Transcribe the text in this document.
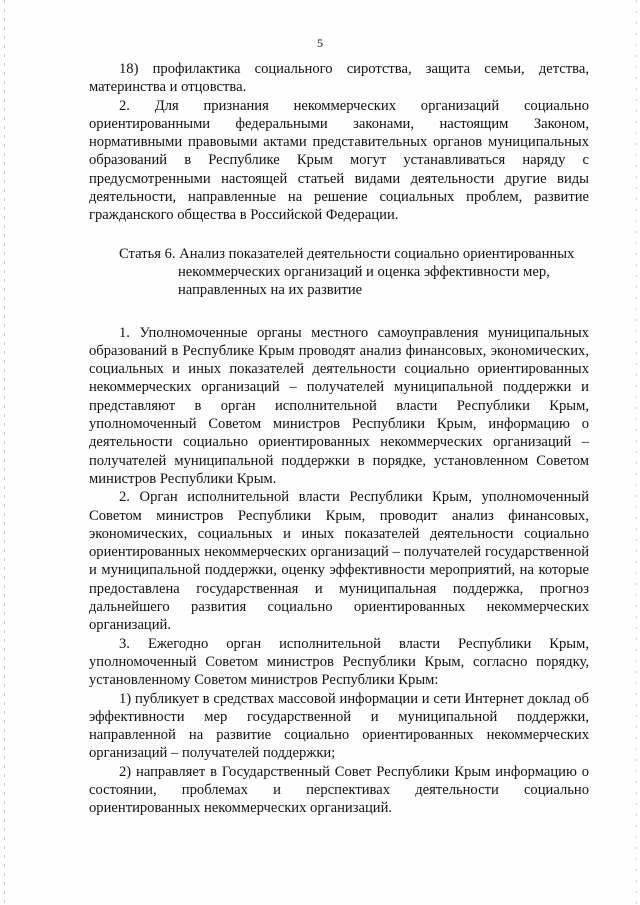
5

18) профилактика социального сиротства, защита семьи, детства, материнства и отцовства.

2. Для признания некоммерческих организаций социально ориентированными федеральными законами, настоящим Законом, нормативными правовыми актами представительных органов муниципальных образований в Республике Крым могут устанавливаться наряду с предусмотренными настоящей статьей видами деятельности другие виды деятельности, направленные на решение социальных проблем, развитие гражданского общества в Российской Федерации.

Статья 6. Анализ показателей деятельности социально ориентированных
некоммерческих организаций и оценка эффективности мер,
направленных на их развитие

1. Уполномоченные органы местного самоуправления муниципальных образований в Республике Крым проводят анализ финансовых, экономических, социальных и иных показателей деятельности социально ориентированных некоммерческих организаций – получателей муниципальной поддержки и представляют в орган исполнительной власти Республики Крым, уполномоченный Советом министров Республики Крым, информацию о деятельности социально ориентированных некоммерческих организаций – получателей муниципальной поддержки в порядке, установленном Советом министров Республики Крым.

2. Орган исполнительной власти Республики Крым, уполномоченный Советом министров Республики Крым, проводит анализ финансовых, экономических, социальных и иных показателей деятельности социально ориентированных некоммерческих организаций – получателей государственной и муниципальной поддержки, оценку эффективности мероприятий, на которые предоставлена государственная и муниципальная поддержка, прогноз дальнейшего развития социально ориентированных некоммерческих организаций.

3. Ежегодно орган исполнительной власти Республики Крым, уполномоченный Советом министров Республики Крым, согласно порядку, установленному Советом министров Республики Крым:

1) публикует в средствах массовой информации и сети Интернет доклад об эффективности мер государственной и муниципальной поддержки, направленной на развитие социально ориентированных некоммерческих организаций – получателей поддержки;

2) направляет в Государственный Совет Республики Крым информацию о состоянии, проблемах и перспективах деятельности социально ориентированных некоммерческих организаций.
